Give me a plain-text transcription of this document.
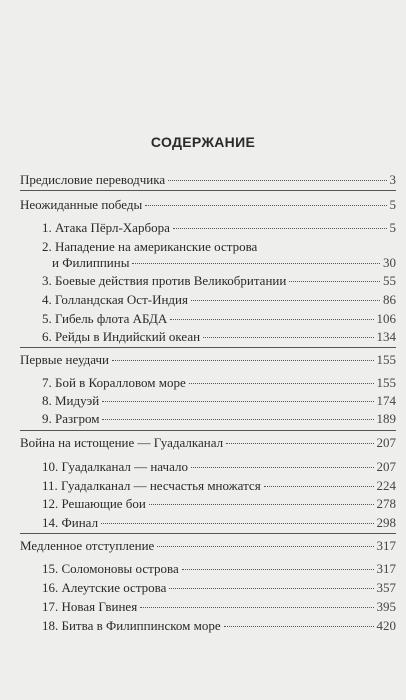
СОДЕРЖАНИЕ
Предисловие переводчика	3
Неожиданные победы	5
1. Атака Пёрл-Харбора	5
2. Нападение на американские острова
и Филиппины	30
3. Боевые действия против Великобритании	55
4. Голландская Ост-Индия	86
5. Гибель флота АБДА	106
6. Рейды в Индийский океан	134
Первые неудачи	155
7. Бой в Коралловом море	155
8. Мидуэй	174
9. Разгром	189
Война на истощение — Гуадалканал	207
10. Гуадалканал — начало	207
11. Гуадалканал — несчастья множатся	224
12. Решающие бои	278
14. Финал	298
Медленное отступление	317
15. Соломоновы острова	317
16. Алеутские острова	357
17. Новая Гвинея	395
18. Битва в Филиппинском море	420
